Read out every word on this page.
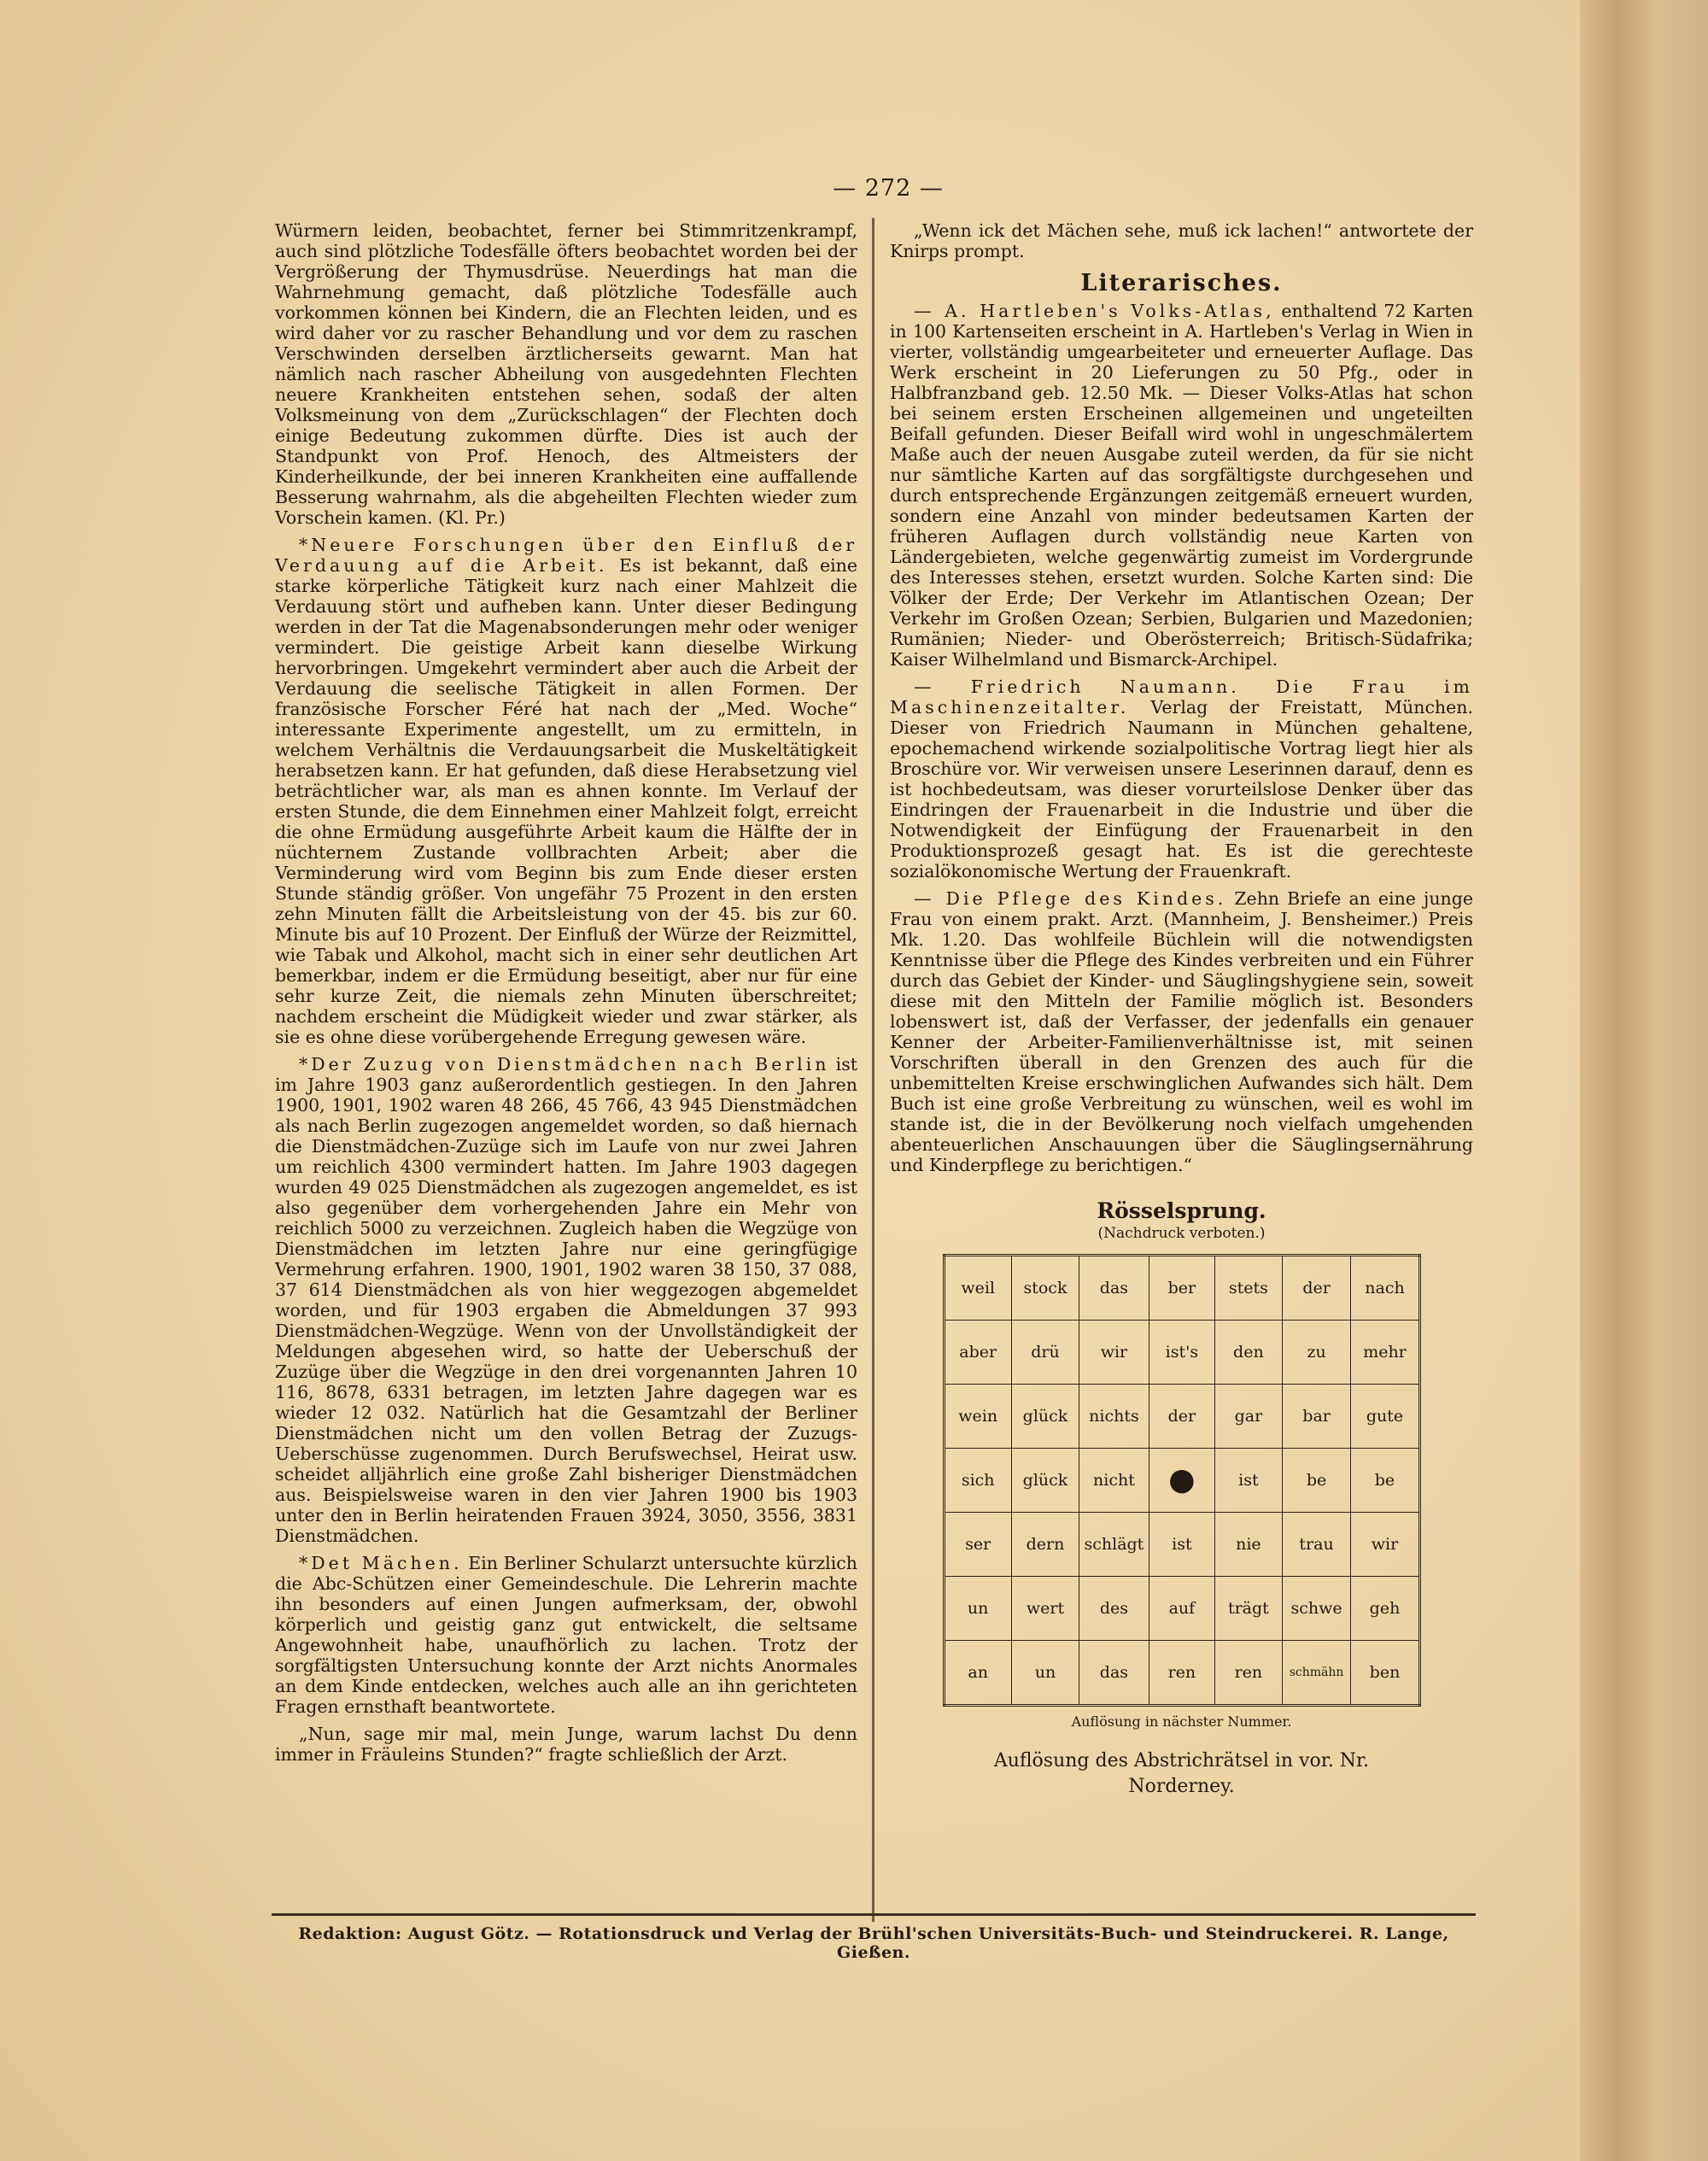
— 272 —

Würmern leiden, beobachtet, ferner bei Stimmritzenkrampf, auch sind plötzliche Todesfälle öfters beobachtet worden bei der Vergrößerung der Thymusdrüse. Neuerdings hat man die Wahrnehmung gemacht, daß plötzliche Todesfälle auch vorkommen können bei Kindern, die an Flechten leiden, und es wird daher vor zu rascher Behandlung und vor dem zu raschen Verschwinden derselben ärztlicherseits gewarnt. Man hat nämlich nach rascher Abheilung von ausgedehnten Flechten neuere Krankheiten entstehen sehen, sodaß der alten Volksmeinung von dem „Zurückschlagen“ der Flechten doch einige Bedeutung zukommen dürfte. Dies ist auch der Standpunkt von Prof. Henoch, des Altmeisters der Kinderheilkunde, der bei inneren Krankheiten eine auffallende Besserung wahrnahm, als die abgeheilten Flechten wieder zum Vorschein kamen. (Kl. Pr.)

*Neuere Forschungen über den Einfluß der Verdauung auf die Arbeit. Es ist bekannt, daß eine starke körperliche Tätigkeit kurz nach einer Mahlzeit die Verdauung stört und aufheben kann. Unter dieser Bedingung werden in der Tat die Magenabsonderungen mehr oder weniger vermindert. Die geistige Arbeit kann dieselbe Wirkung hervorbringen. Umgekehrt vermindert aber auch die Arbeit der Verdauung die seelische Tätigkeit in allen Formen. Der französische Forscher Féré hat nach der „Med. Woche“ interessante Experimente angestellt, um zu ermitteln, in welchem Verhältnis die Verdauungsarbeit die Muskeltätigkeit herabsetzen kann. Er hat gefunden, daß diese Herabsetzung viel beträchtlicher war, als man es ahnen konnte. Im Verlauf der ersten Stunde, die dem Einnehmen einer Mahlzeit folgt, erreicht die ohne Ermüdung ausgeführte Arbeit kaum die Hälfte der in nüchternem Zustande vollbrachten Arbeit; aber die Verminderung wird vom Beginn bis zum Ende dieser ersten Stunde ständig größer. Von ungefähr 75 Prozent in den ersten zehn Minuten fällt die Arbeitsleistung von der 45. bis zur 60. Minute bis auf 10 Prozent. Der Einfluß der Würze der Reizmittel, wie Tabak und Alkohol, macht sich in einer sehr deutlichen Art bemerkbar, indem er die Ermüdung beseitigt, aber nur für eine sehr kurze Zeit, die niemals zehn Minuten überschreitet; nachdem erscheint die Müdigkeit wieder und zwar stärker, als sie es ohne diese vorübergehende Erregung gewesen wäre.

*Der Zuzug von Dienstmädchen nach Berlin ist im Jahre 1903 ganz außerordentlich gestiegen. In den Jahren 1900, 1901, 1902 waren 48 266, 45 766, 43 945 Dienstmädchen als nach Berlin zugezogen angemeldet worden, so daß hiernach die Dienstmädchen-Zuzüge sich im Laufe von nur zwei Jahren um reichlich 4300 vermindert hatten. Im Jahre 1903 dagegen wurden 49 025 Dienstmädchen als zugezogen angemeldet, es ist also gegenüber dem vorhergehenden Jahre ein Mehr von reichlich 5000 zu verzeichnen. Zugleich haben die Wegzüge von Dienstmädchen im letzten Jahre nur eine geringfügige Vermehrung erfahren. 1900, 1901, 1902 waren 38 150, 37 088, 37 614 Dienstmädchen als von hier weggezogen abgemeldet worden, und für 1903 ergaben die Abmeldungen 37 993 Dienstmädchen-Wegzüge. Wenn von der Unvollständigkeit der Meldungen abgesehen wird, so hatte der Ueberschuß der Zuzüge über die Wegzüge in den drei vorgenannten Jahren 10 116, 8678, 6331 betragen, im letzten Jahre dagegen war es wieder 12 032. Natürlich hat die Gesamtzahl der Berliner Dienstmädchen nicht um den vollen Betrag der Zuzugs-Ueberschüsse zugenommen. Durch Berufswechsel, Heirat usw. scheidet alljährlich eine große Zahl bisheriger Dienstmädchen aus. Beispielsweise waren in den vier Jahren 1900 bis 1903 unter den in Berlin heiratenden Frauen 3924, 3050, 3556, 3831 Dienstmädchen.

*Det Mächen. Ein Berliner Schularzt untersuchte kürzlich die Abc-Schützen einer Gemeindeschule. Die Lehrerin machte ihn besonders auf einen Jungen aufmerksam, der, obwohl körperlich und geistig ganz gut entwickelt, die seltsame Angewohnheit habe, unaufhörlich zu lachen. Trotz der sorgfältigsten Untersuchung konnte der Arzt nichts Anormales an dem Kinde entdecken, welches auch alle an ihn gerichteten Fragen ernsthaft beantwortete.

„Nun, sage mir mal, mein Junge, warum lachst Du denn immer in Fräuleins Stunden?“ fragte schließlich der Arzt.

„Wenn ick det Mächen sehe, muß ick lachen!“ antwortete der Knirps prompt.

Literarisches.

— A. Hartleben's Volks-Atlas, enthaltend 72 Karten in 100 Kartenseiten erscheint in A. Hartleben's Verlag in Wien in vierter, vollständig umgearbeiteter und erneuerter Auflage. Das Werk erscheint in 20 Lieferungen zu 50 Pfg., oder in Halbfranzband geb. 12.50 Mk. — Dieser Volks-Atlas hat schon bei seinem ersten Erscheinen allgemeinen und ungeteilten Beifall gefunden. Dieser Beifall wird wohl in ungeschmälertem Maße auch der neuen Ausgabe zuteil werden, da für sie nicht nur sämtliche Karten auf das sorgfältigste durchgesehen und durch entsprechende Ergänzungen zeitgemäß erneuert wurden, sondern eine Anzahl von minder bedeutsamen Karten der früheren Auflagen durch vollständig neue Karten von Ländergebieten, welche gegenwärtig zumeist im Vordergrunde des Interesses stehen, ersetzt wurden. Solche Karten sind: Die Völker der Erde; Der Verkehr im Atlantischen Ozean; Der Verkehr im Großen Ozean; Serbien, Bulgarien und Mazedonien; Rumänien; Nieder- und Oberösterreich; Britisch-Südafrika; Kaiser Wilhelmland und Bismarck-Archipel.

— Friedrich Naumann. Die Frau im Maschinenzeitalter. Verlag der Freistatt, München. Dieser von Friedrich Naumann in München gehaltene, epochemachend wirkende sozialpolitische Vortrag liegt hier als Broschüre vor. Wir verweisen unsere Leserinnen darauf, denn es ist hochbedeutsam, was dieser vorurteilslose Denker über das Eindringen der Frauenarbeit in die Industrie und über die Notwendigkeit der Einfügung der Frauenarbeit in den Produktionsprozeß gesagt hat. Es ist die gerechteste sozialökonomische Wertung der Frauenkraft.

— Die Pflege des Kindes. Zehn Briefe an eine junge Frau von einem prakt. Arzt. (Mannheim, J. Bensheimer.) Preis Mk. 1.20. Das wohlfeile Büchlein will die notwendigsten Kenntnisse über die Pflege des Kindes verbreiten und ein Führer durch das Gebiet der Kinder- und Säuglingshygiene sein, soweit diese mit den Mitteln der Familie möglich ist. Besonders lobenswert ist, daß der Verfasser, der jedenfalls ein genauer Kenner der Arbeiter-Familienverhältnisse ist, mit seinen Vorschriften überall in den Grenzen des auch für die unbemittelten Kreise erschwinglichen Aufwandes sich hält. Dem Buch ist eine große Verbreitung zu wünschen, weil es wohl im stande ist, die in der Bevölkerung noch vielfach umgehenden abenteuerlichen Anschauungen über die Säuglingsernährung und Kinderpflege zu berichtigen.“

Rösselsprung.
(Nachdruck verboten.)
weil	stock	das	ber	stets	der	nach
aber	drü	wir	ist's	den	zu	mehr
wein	glück	nichts	der	gar	bar	gute
sich	glück	nicht	●	ist	be	be
ser	dern	schlägt	ist	nie	trau	wir
un	wert	des	auf	trägt	schwe	geh
an	un	das	ren	ren	schmähn	ben
Auflösung in nächster Nummer.
Auflösung des Abstrichrätsel in vor. Nr.
Norderney.
Redaktion: August Götz. — Rotationsdruck und Verlag der Brühl'schen Universitäts-Buch- und Steindruckerei. R. Lange, Gießen.
